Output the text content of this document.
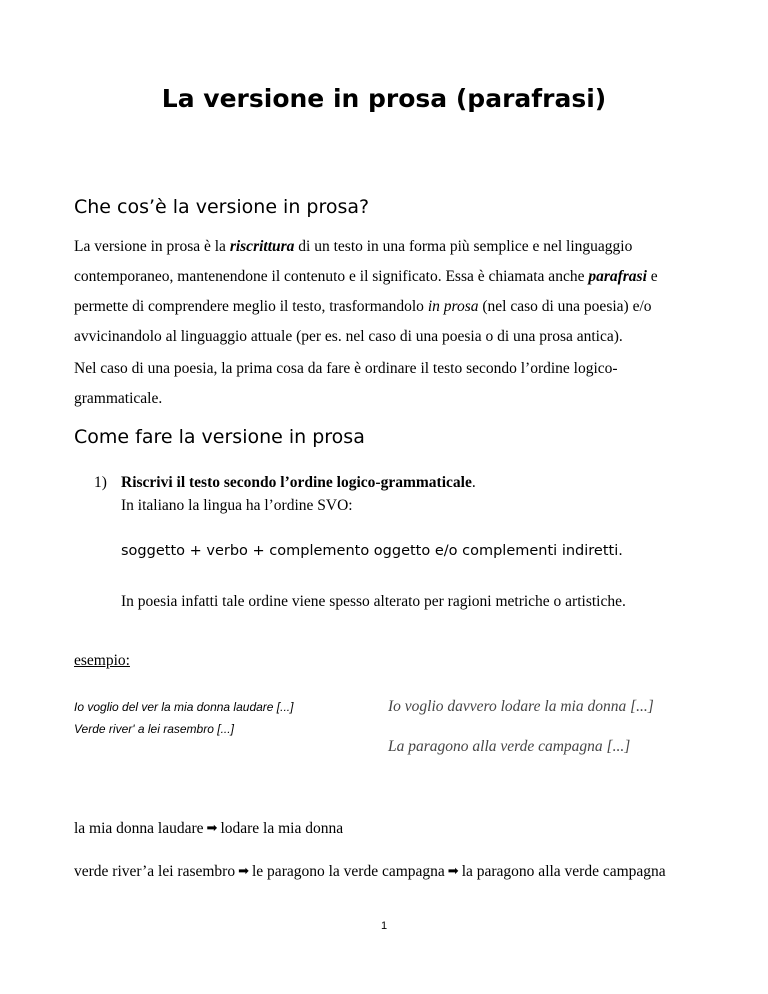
La versione in prosa (parafrasi)
Che cos’è la versione in prosa?
La versione in prosa è la riscrittura di un testo in una forma più semplice e nel linguaggio
contemporaneo, mantenendone il contenuto e il significato. Essa è chiamata anche parafrasi e
permette di comprendere meglio il testo, trasformandolo in prosa (nel caso di una poesia) e/o
avvicinandolo al linguaggio attuale (per es. nel caso di una poesia o di una prosa antica).
Nel caso di una poesia, la prima cosa da fare è ordinare il testo secondo l’ordine logico-
grammaticale.
Come fare la versione in prosa
1) Riscrivi il testo secondo l’ordine logico-grammaticale.
In italiano la lingua ha l’ordine SVO:
soggetto + verbo + complemento oggetto e/o complementi indiretti.
In poesia infatti tale ordine viene spesso alterato per ragioni metriche o artistiche.
esempio:
Io voglio del ver la mia donna laudare [...]
Verde river' a lei rasembro [...]
Io voglio davvero lodare la mia donna [...]
La paragono alla verde campagna [...]
la mia donna laudare ➡ lodare la mia donna
verde river’a lei rasembro ➡ le paragono la verde campagna ➡ la paragono alla verde campagna
1
